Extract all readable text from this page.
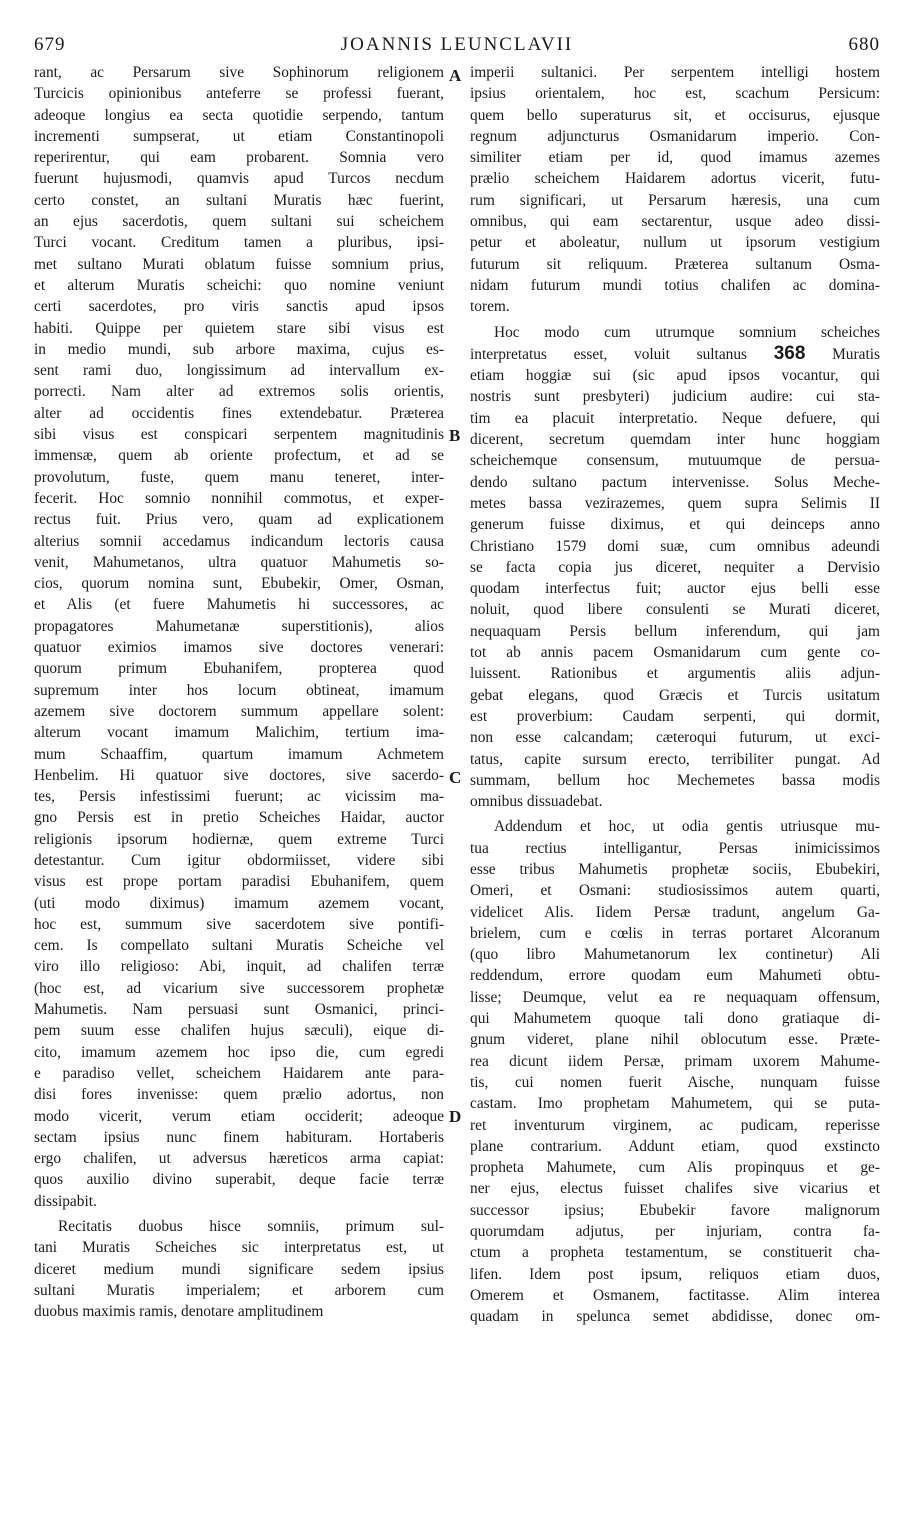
679	JOANNIS LEUNCLAVII	680
A
B
C
D

rant, ac Persarum sive Sophinorum religionem

Turcicis opinionibus anteferre se professi fuerant,

adeoque longius ea secta quotidie serpendo, tantum

incrementi sumpserat, ut etiam Constantinopoli

reperirentur, qui eam probarent. Somnia vero

fuerunt hujusmodi, quamvis apud Turcos necdum

certo constet, an sultani Muratis hæc fuerint,

an ejus sacerdotis, quem sultani sui scheichem

Turci vocant. Creditum tamen a pluribus, ipsi-

met sultano Murati oblatum fuisse somnium prius,

et alterum Muratis scheichi: quo nomine veniunt

certi sacerdotes, pro viris sanctis apud ipsos

habiti. Quippe per quietem stare sibi visus est

in medio mundi, sub arbore maxima, cujus es-

sent rami duo, longissimum ad intervallum ex-

porrecti. Nam alter ad extremos solis orientis,

alter ad occidentis fines extendebatur. Præterea

sibi visus est conspicari serpentem magnitudinis

immensæ, quem ab oriente profectum, et ad se

provolutum, fuste, quem manu teneret, inter-

fecerit. Hoc somnio nonnihil commotus, et exper-

rectus fuit. Prius vero, quam ad explicationem

alterius somnii accedamus indicandum lectoris causa

venit, Mahumetanos, ultra quatuor Mahumetis so-

cios, quorum nomina sunt, Ebubekir, Omer, Osman,

et Alis (et fuere Mahumetis hi successores, ac

propagatores Mahumetanæ superstitionis), alios

quatuor eximios imamos sive doctores venerari:

quorum primum Ebuhanifem, propterea quod

supremum inter hos locum obtineat, imamum

azemem sive doctorem summum appellare solent:

alterum vocant imamum Malichim, tertium ima-

mum Schaaffim, quartum imamum Achmetem

Henbelim. Hi quatuor sive doctores, sive sacerdo-

tes, Persis infestissimi fuerunt; ac vicissim ma-

gno Persis est in pretio Scheiches Haidar, auctor

religionis ipsorum hodiernæ, quem extreme Turci

detestantur. Cum igitur obdormiisset, videre sibi

visus est prope portam paradisi Ebuhanifem, quem

(uti modo diximus) imamum azemem vocant,

hoc est, summum sive sacerdotem sive pontifi-

cem. Is compellato sultani Muratis Scheiche vel

viro illo religioso: Abi, inquit, ad chalifen terræ

(hoc est, ad vicarium sive successorem prophetæ

Mahumetis. Nam persuasi sunt Osmanici, princi-

pem suum esse chalifen hujus sæculi), eique di-

cito, imamum azemem hoc ipso die, cum egredi

e paradiso vellet, scheichem Haidarem ante para-

disi fores invenisse: quem prælio adortus, non

modo vicerit, verum etiam occiderit; adeoque

sectam ipsius nunc finem habituram. Hortaberis

ergo chalifen, ut adversus hæreticos arma capiat:

quos auxilio divino superabit, deque facie terræ

dissipabit.

Recitatis duobus hisce somniis, primum sul-

tani Muratis Scheiches sic interpretatus est, ut

diceret medium mundi significare sedem ipsius

sultani Muratis imperialem; et arborem cum

duobus maximis ramis, denotare amplitudinem

imperii sultanici. Per serpentem intelligi hostem

ipsius orientalem, hoc est, scachum Persicum:

quem bello superaturus sit, et occisurus, ejusque

regnum adjuncturus Osmanidarum imperio. Con-

similiter etiam per id, quod imamus azemes

prælio scheichem Haidarem adortus vicerit, futu-

rum significari, ut Persarum hæresis, una cum

omnibus, qui eam sectarentur, usque adeo dissi-

petur et aboleatur, nullum ut ipsorum vestigium

futurum sit reliquum. Præterea sultanum Osma-

nidam futurum mundi totius chalifen ac domina-

torem.

Hoc modo cum utrumque somnium scheiches

interpretatus esset, voluit sultanus 368 Muratis

etiam hoggiæ sui (sic apud ipsos vocantur, qui

nostris sunt presbyteri) judicium audire: cui sta-

tim ea placuit interpretatio. Neque defuere, qui

dicerent, secretum quemdam inter hunc hoggiam

scheichemque consensum, mutuumque de persua-

dendo sultano pactum intervenisse. Solus Meche-

metes bassa vezirazemes, quem supra Selimis II

generum fuisse diximus, et qui deinceps anno

Christiano 1579 domi suæ, cum omnibus adeundi

se facta copia jus diceret, nequiter a Dervisio

quodam interfectus fuit; auctor ejus belli esse

noluit, quod libere consulenti se Murati diceret,

nequaquam Persis bellum inferendum, qui jam

tot ab annis pacem Osmanidarum cum gente co-

luissent. Rationibus et argumentis aliis adjun-

gebat elegans, quod Græcis et Turcis usitatum

est proverbium: Caudam serpenti, qui dormit,

non esse calcandam; cæteroqui futurum, ut exci-

tatus, capite sursum erecto, terribiliter pungat. Ad

summam, bellum hoc Mechemetes bassa modis

omnibus dissuadebat.

Addendum et hoc, ut odia gentis utriusque mu-

tua rectius intelligantur, Persas inimicissimos

esse tribus Mahumetis prophetæ sociis, Ebubekiri,

Omeri, et Osmani: studiosissimos autem quarti,

videlicet Alis. Iidem Persæ tradunt, angelum Ga-

brielem, cum e cœlis in terras portaret Alcoranum

(quo libro Mahumetanorum lex continetur) Ali

reddendum, errore quodam eum Mahumeti obtu-

lisse; Deumque, velut ea re nequaquam offensum,

qui Mahumetem quoque tali dono gratiaque di-

gnum videret, plane nihil oblocutum esse. Præte-

rea dicunt iidem Persæ, primam uxorem Mahume-

tis, cui nomen fuerit Aische, nunquam fuisse

castam. Imo prophetam Mahumetem, qui se puta-

ret inventurum virginem, ac pudicam, reperisse

plane contrarium. Addunt etiam, quod exstincto

propheta Mahumete, cum Alis propinquus et ge-

ner ejus, electus fuisset chalifes sive vicarius et

successor ipsius; Ebubekir favore malignorum

quorumdam adjutus, per injuriam, contra fa-

ctum a propheta testamentum, se constituerit cha-

lifen. Idem post ipsum, reliquos etiam duos,

Omerem et Osmanem, factitasse. Alim interea

quadam in spelunca semet abdidisse, donec om-
